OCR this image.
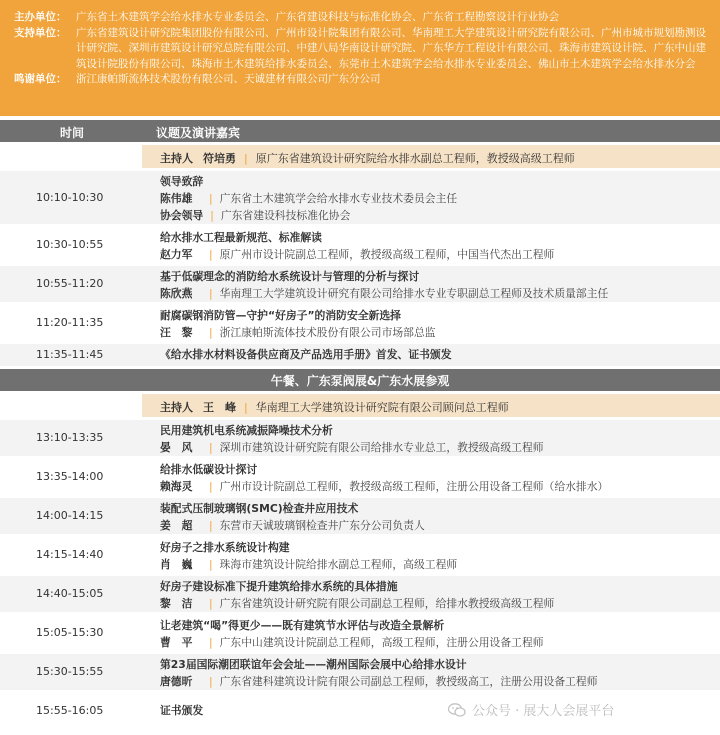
主办单位： 广东省土木建筑学会给水排水专业委员会、广东省建设科技与标准化协会、广东省工程勘察设计行业协会
支持单位： 广东省建筑设计研究院集团股份有限公司、广州市设计院集团有限公司、华南理工大学建筑设计研究院有限公司、广州市城市规划勘测设计研究院、深圳市建筑设计研究总院有限公司、中建八局华南设计研究院、广东华方工程设计有限公司、珠海市建筑设计院、广东中山建筑设计院股份有限公司、珠海市土木建筑给排水委员会、东莞市土木建筑学会给水排水专业委员会、佛山市土木建筑学会给水排水分会
鸣谢单位： 浙江康帕斯流体技术股份有限公司、天诚建材有限公司广东分公司
时间	议题及演讲嘉宾
主持人 符培勇 | 原广东省建筑设计研究院给水排水副总工程师，教授级高级工程师
10:10-10:30
领导致辞
陈伟雄 | 广东省土木建筑学会给水排水专业技术委员会主任
协会领导 | 广东省建设科技标准化协会
10:30-10:55
给水排水工程最新规范、标准解读
赵力军 | 原广州市设计院副总工程师，教授级高级工程师，中国当代杰出工程师
10:55-11:20
基于低碳理念的消防给水系统设计与管理的分析与探讨
陈欣燕 | 华南理工大学建筑设计研究有限公司给排水专业专职副总工程师及技术质量部主任
11:20-11:35
耐腐碳钢消防管—守护“好房子”的消防安全新选择
汪　黎 | 浙江康帕斯流体技术股份有限公司市场部总监
11:35-11:45	《给水排水材料设备供应商及产品选用手册》首发、证书颁发
午餐、广东泵阀展&广东水展参观
主持人 王　峰 | 华南理工大学建筑设计研究院有限公司顾问总工程师
13:10-13:35
民用建筑机电系统减振降噪技术分析
晏　风 | 深圳市建筑设计研究院有限公司给排水专业总工，教授级高级工程师
13:35-14:00
给排水低碳设计探讨
赖海灵 | 广州市设计院副总工程师，教授级高级工程师，注册公用设备工程师（给水排水）
14:00-14:15
装配式压制玻璃钢(SMC)检查井应用技术
姜　超 | 东营市天诚玻璃钢检查井广东分公司负责人
14:15-14:40
好房子之排水系统设计构建
肖　巍 | 珠海市建筑设计院给排水副总工程师，高级工程师
14:40-15:05
好房子建设标准下提升建筑给排水系统的具体措施
黎　洁 | 广东省建筑设计研究院有限公司副总工程师，给排水教授级高级工程师
15:05-15:30
让老建筑“喝”得更少——既有建筑节水评估与改造全景解析
曹　平 | 广东中山建筑设计院副总工程师，高级工程师，注册公用设备工程师
15:30-15:55
第23届国际潮团联谊年会会址——潮州国际会展中心给排水设计
唐德昕 | 广东省建科建筑设计院有限公司副总工程师，教授级高工，注册公用设备工程师
15:55-16:05	证书颁发	公众号 · 展大人会展平台
